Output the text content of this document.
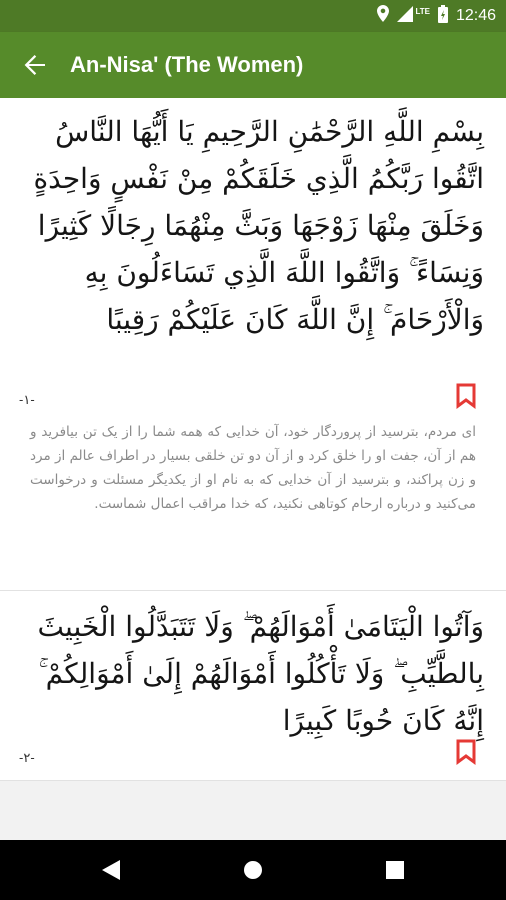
LTE 12:46
An-Nisa' (The Women)
بِسْمِ اللَّهِ الرَّحْمَٰنِ الرَّحِيمِ يَا أَيُّهَا النَّاسُ اتَّقُوا رَبَّكُمُ الَّذِي خَلَقَكُمْ مِنْ نَفْسٍ وَاحِدَةٍ وَخَلَقَ مِنْهَا زَوْجَهَا وَبَثَّ مِنْهُمَا رِجَالًا كَثِيرًا وَنِسَاءً ۚ وَاتَّقُوا اللَّهَ الَّذِي تَسَاءَلُونَ بِهِ وَالْأَرْحَامَ ۚ إِنَّ اللَّهَ كَانَ عَلَيْكُمْ رَقِيبًا
-١-
ای مردم، بترسید از پروردگار خود، آن خدایی که همه شما را از یک تن بیافرید و هم از آن، جفت او را خلق کرد و از آن دو تن خلقی بسیار در اطراف عالم از مرد و زن پراکند، و بترسید از آن خدایی که به نام او از یکدیگر مسئلت و درخواست می‌کنید و درباره ارحام کوتاهی نکنید، که خدا مراقب اعمال شماست.
وَآتُوا الْيَتَامَىٰ أَمْوَالَهُمْ ۖ وَلَا تَتَبَدَّلُوا الْخَبِيثَ بِالطَّيِّبِ ۖ وَلَا تَأْكُلُوا أَمْوَالَهُمْ إِلَىٰ أَمْوَالِكُمْ ۚ إِنَّهُ كَانَ حُوبًا كَبِيرًا
-٢-
